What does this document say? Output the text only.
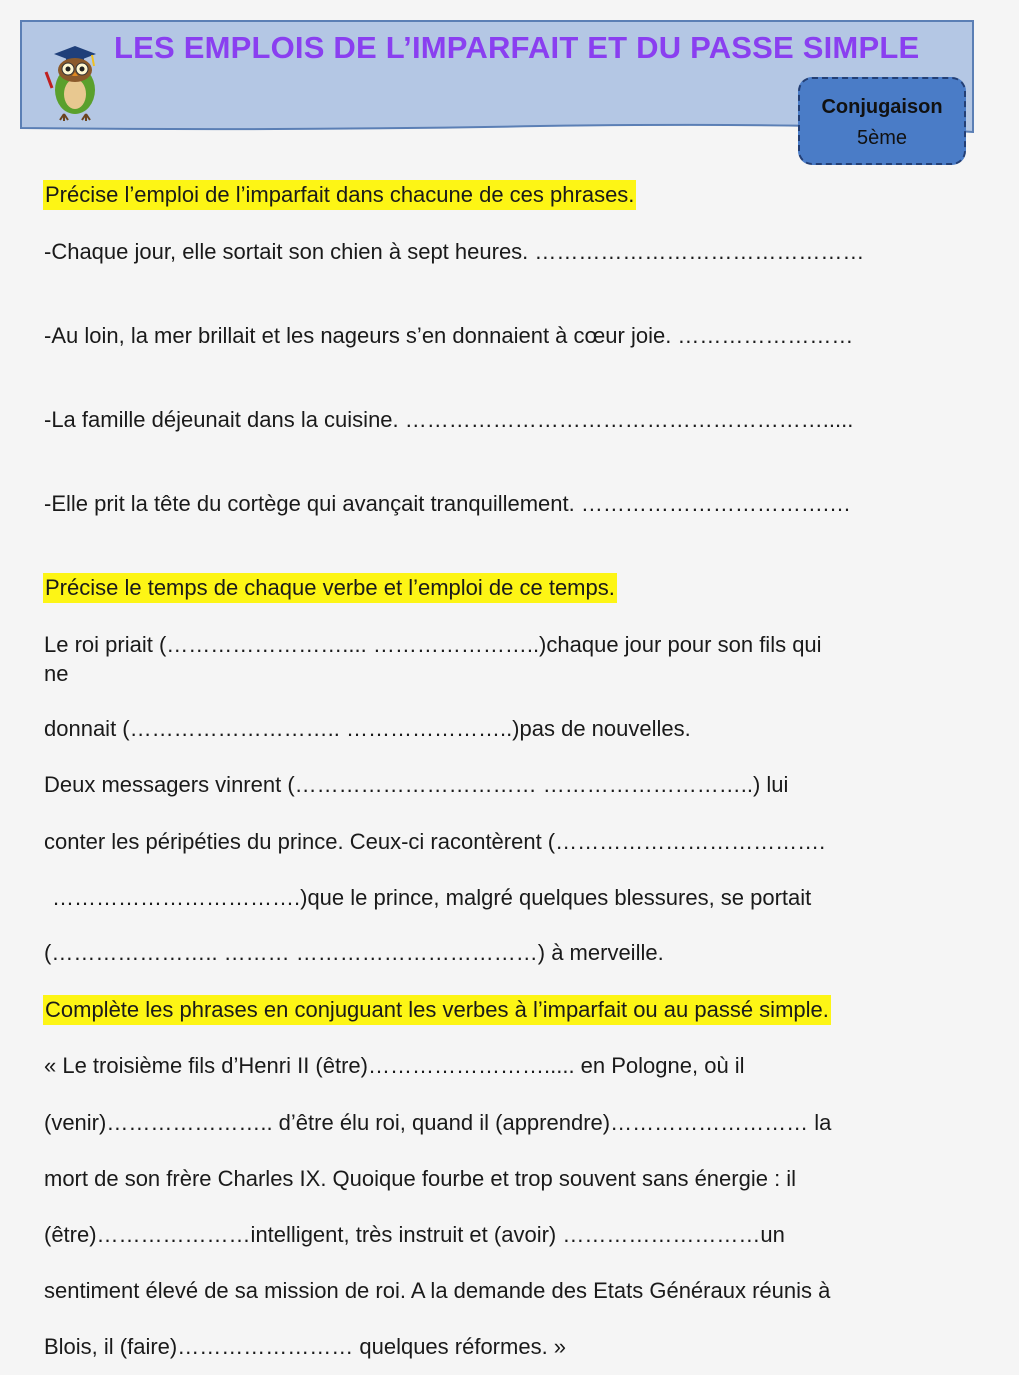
LES EMPLOIS DE L’IMPARFAIT ET DU PASSE SIMPLE
Conjugaison
5ème
Précise l’emploi de l’imparfait dans chacune de ces phrases.
-Chaque jour, elle sortait son chien à sept heures. ………………………………………
-Au loin, la mer brillait et les nageurs s’en donnaient à cœur joie. ……………………
-La famille déjeunait dans la cuisine. ………………………………………………….....
-Elle prit la tête du cortège qui avançait tranquillement. …………………………….…
Précise le temps de chaque verbe et l’emploi de ce temps.
Le roi priait (…………………….... …………………..)chaque jour pour son fils qui
ne
donnait (……………………….. …………………..)pas de nouvelles.
Deux messagers vinrent (…………………………… ………………………..) lui
conter les péripéties du prince. Ceux-ci racontèrent (……………………………….
…………………………….)que le prince, malgré quelques blessures, se portait
(………………….. ……… ……………………………) à merveille.
Complète les phrases en conjuguant les verbes à l’imparfait ou au passé simple.
« Le troisième fils d’Henri II (être)……………………..... en Pologne, où il
(venir)………………….. d’être élu roi, quand il (apprendre)……………………… la
mort de son frère Charles IX. Quoique fourbe et trop souvent sans énergie : il
(être)…………………intelligent, très instruit et (avoir) ………………………un
sentiment élevé de sa mission de roi. A la demande des Etats Généraux réunis à
Blois, il (faire)…………………… quelques réformes. »
